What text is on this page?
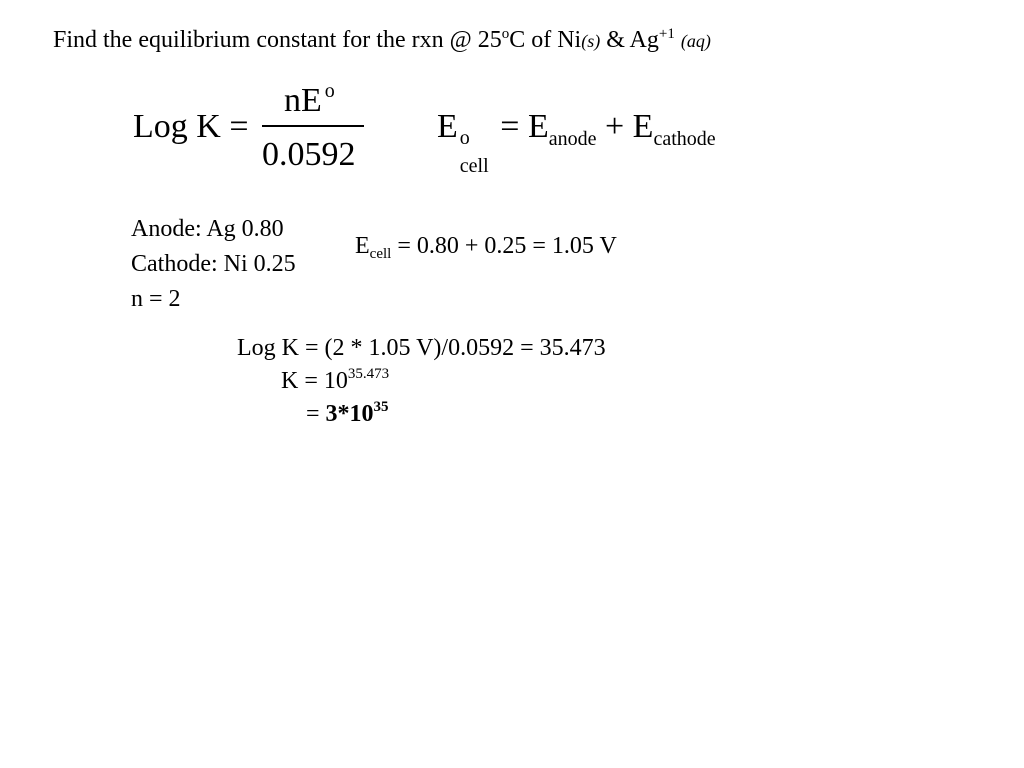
Find the equilibrium constant for the rxn @ 25$^o$C of Ni(s) & $Ag^{+1}$ (aq)
Log K =
nE $^o$
0.0592
E o
cell
= $E_{anode} + E_{cathode}$
Anode: Ag 0.80
Cathode: Ni 0.25
n = 2
$E_{cell} = 0.80 + 0.25 = 1.05$ V
Log K = (2 * 1.05 V)/0.0592 = 35.473
$K = 10^{35.473}$
= $3*10^{35}$
